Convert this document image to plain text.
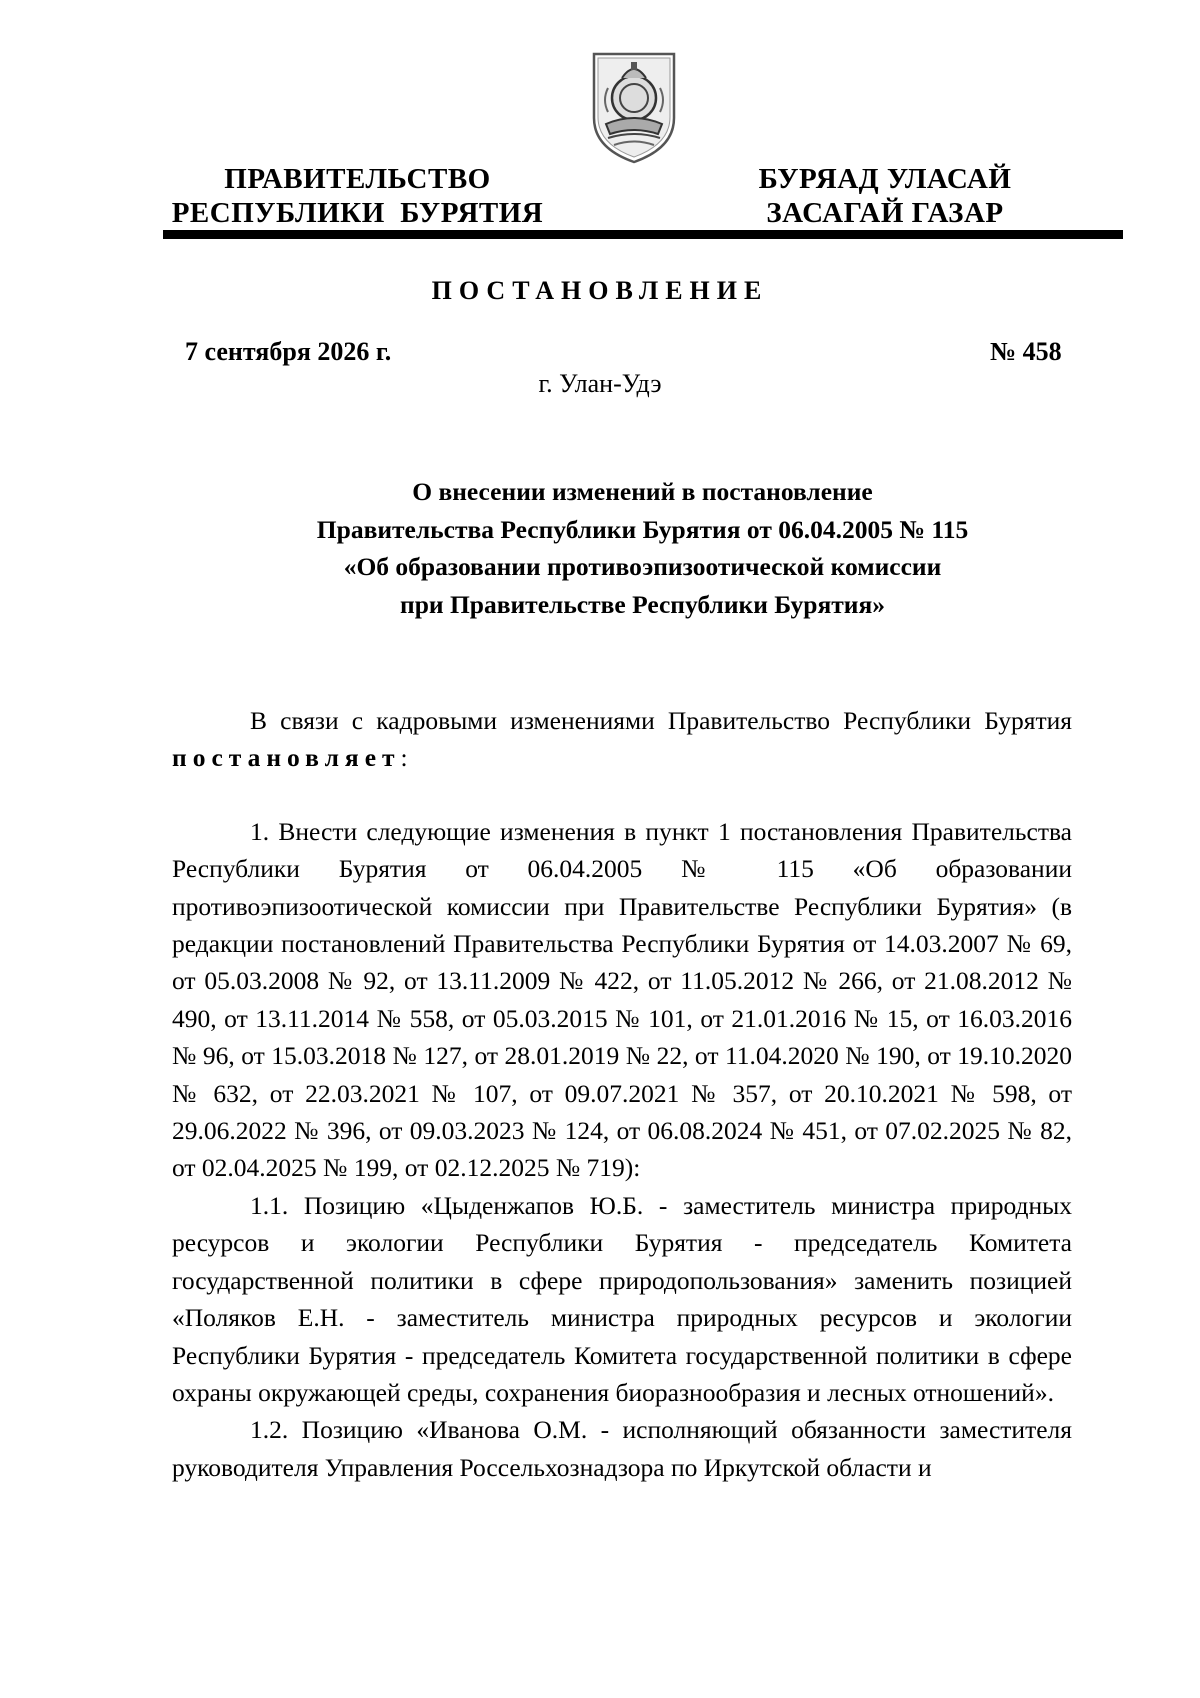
ПРАВИТЕЛЬСТВО
РЕСПУБЛИКИ  БУРЯТИЯ
БУРЯАД УЛАСАЙ
ЗАСАГАЙ ГАЗАР
ПОСТАНОВЛЕНИЕ
7 сентября 2026 г.	№ 458
г. Улан-Удэ
О внесении изменений в постановление
Правительства Республики Бурятия от 06.04.2005 № 115
«Об образовании противоэпизоотической комиссии
при Правительстве Республики Бурятия»

В связи с кадровыми изменениями Правительство Республики Бурятия постановляет:

1. Внести следующие изменения в пункт 1 постановления Правительства Республики Бурятия от 06.04.2005 № 115 «Об образовании противоэпизоотической комиссии при Правительстве Республики Бурятия» (в редакции постановлений Правительства Республики Бурятия от 14.03.2007 № 69, от 05.03.2008 № 92, от 13.11.2009 № 422, от 11.05.2012 № 266, от 21.08.2012 № 490, от 13.11.2014 № 558, от 05.03.2015 № 101, от 21.01.2016 № 15, от 16.03.2016 № 96, от 15.03.2018 № 127, от 28.01.2019 № 22, от 11.04.2020 № 190, от 19.10.2020 № 632, от 22.03.2021 № 107, от 09.07.2021 № 357, от 20.10.2021 № 598, от 29.06.2022 № 396, от 09.03.2023 № 124, от 06.08.2024 № 451, от 07.02.2025 № 82, от 02.04.2025 № 199, от 02.12.2025 № 719):

1.1. Позицию «Цыденжапов Ю.Б. - заместитель министра природных ресурсов и экологии Республики Бурятия - председатель Комитета государственной политики в сфере природопользования» заменить позицией «Поляков Е.Н. - заместитель министра природных ресурсов и экологии Республики Бурятия - председатель Комитета государственной политики в сфере охраны окружающей среды, сохранения биоразнообразия и лесных отношений».

1.2. Позицию «Иванова О.М. - исполняющий обязанности заместителя руководителя Управления Россельхознадзора по Иркутской области и
